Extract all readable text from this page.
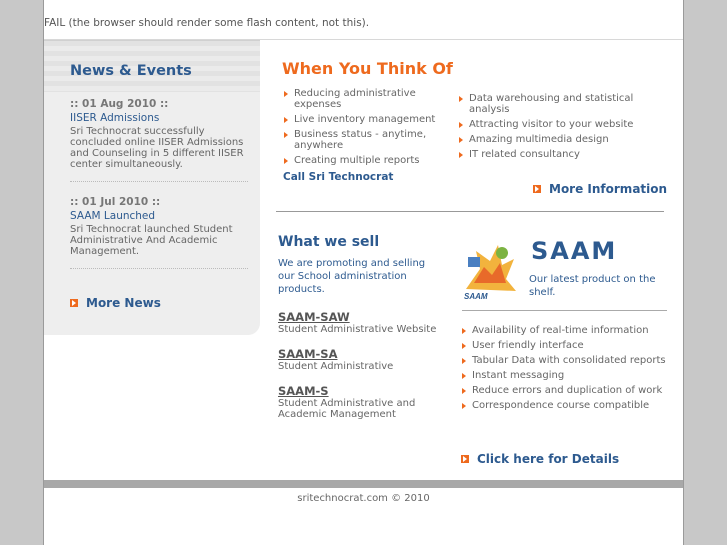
FAIL (the browser should render some flash content, not this).
News & Events
:: 01 Aug 2010 ::
IISER Admissions
Sri Technocrat successfully concluded online IISER Admissions and Counseling in 5 different IISER center simultaneously.
:: 01 Jul 2010 ::
SAAM Launched
Sri Technocrat launched Student Administrative And Academic Management.
More News
When You Think Of
Reducing administrative expenses
Live inventory management
Business status - anytime, anywhere
Creating multiple reports
Data warehousing and statistical analysis
Attracting visitor to your website
Amazing multimedia design
IT related consultancy
Call Sri Technocrat
More Information
What we sell
We are promoting and selling our School administration products.
SAAM-SAW
Student Administrative Website
SAAM-SA
Student Administrative
SAAM-S
Student Administrative and Academic Management
SAAM
SAAM
Our latest product on the shelf.
Availability of real-time information
User friendly interface
Tabular Data with consolidated reports
Instant messaging
Reduce errors and duplication of work
Correspondence course compatible
Click here for Details
sritechnocrat.com © 2010
